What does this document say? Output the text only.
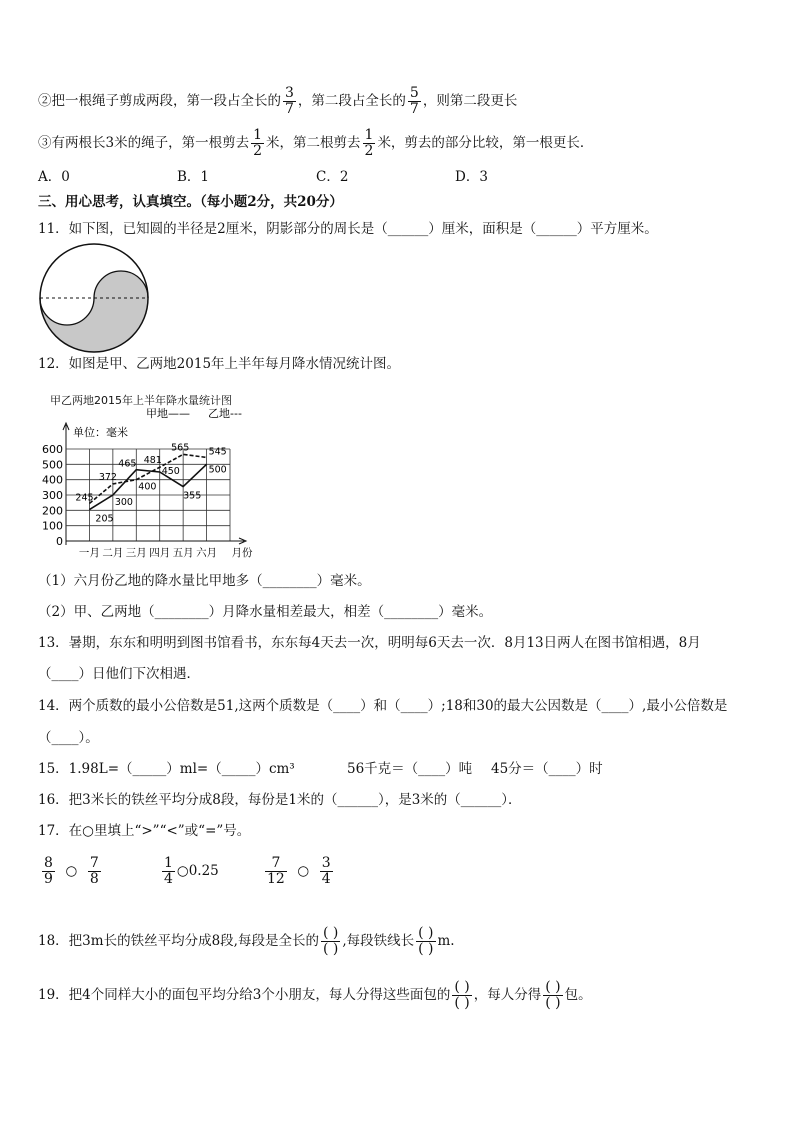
②把一根绳子剪成两段，第一段占全长的 $\frac{3}{7}$ ，第二段占全长的 $\frac{5}{7}$ ，则第二段更长
③有两根长3米的绳子，第一根剪去 $\frac{1}{2}$ 米，第二根剪去 $\frac{1}{2}$ 米，剪去的部分比较，第一根更长．
A．0	B．1	C．2	D．3
三、用心思考，认真填空。（每小题2分，共20分）
11．如下图，已知圆的半径是2厘米，阴影部分的周长是（______）厘米，面积是（______）平方厘米。
12．如图是甲、乙两地2015年上半年每月降水情况统计图。
甲乙两地2015年上半年降水量统计图
甲地—— 乙地---
单位：毫米
0
100
200
300
400
500
600
一月 二月 三月 四月 五月 六月 月份
245
205
372
300
465
400
481
450
565
355
545
500
（1）六月份乙地的降水量比甲地多（________）毫米。
（2）甲、乙两地（________）月降水量相差最大，相差（________）毫米。
13．暑期，东东和明明到图书馆看书，东东每4天去一次，明明每6天去一次．8月13日两人在图书馆相遇，8月
（____）日他们下次相遇．
14．两个质数的最小公倍数是51,这两个质数是（____）和（____）;18和30的最大公因数是（____）,最小公倍数是
（____）。
15．1.98L=（_____）ml=（_____）cm³	56千克＝（____）吨 45分＝（____）时
16．把3米长的铁丝平均分成8段，每份是1米的（______），是3米的（______）．
17．在○里填上“>”“<”或“=”号。
$\frac{8}{9}$ ○ $\frac{7}{8}$	$\frac{1}{4}$ ○0.25	$\frac{7}{12}$ ○ $\frac{3}{4}$
18．把3m长的铁丝平均分成8段,每段是全长的 $\frac{( )}{( )}$ ,每段铁线长 $\frac{( )}{( )} m$.
19．把4个同样大小的面包平均分给3个小朋友，每人分得这些面包的 $\frac{( )}{( )}$ ，每人分得 $\frac{( )}{( )}$ 包。
